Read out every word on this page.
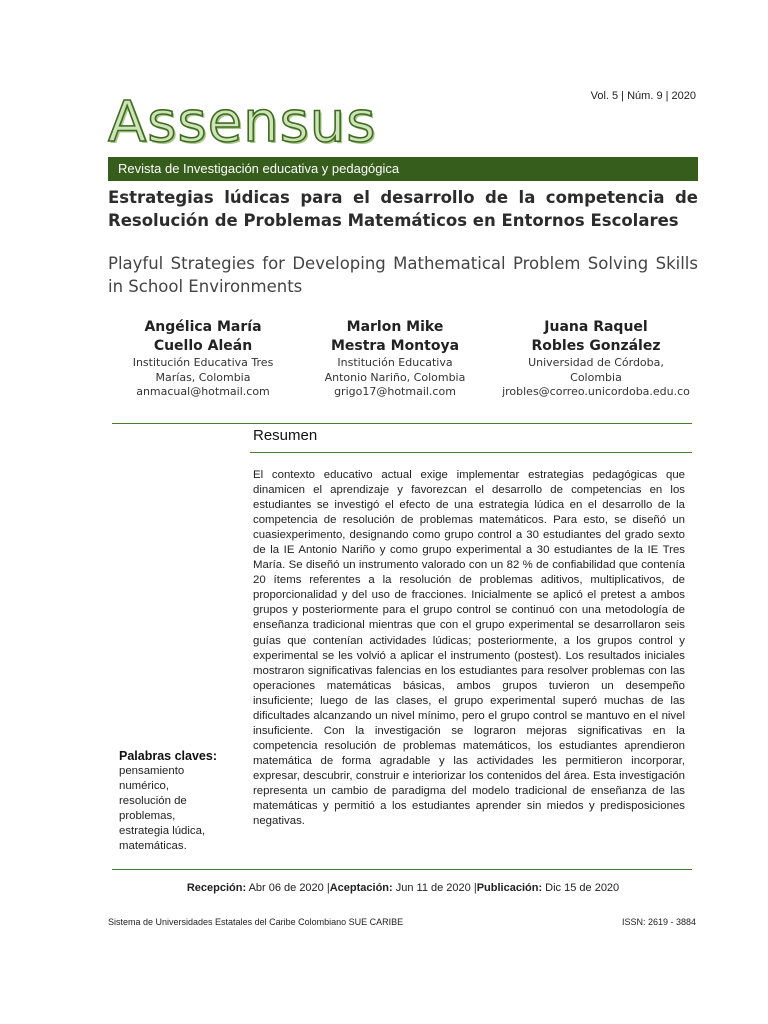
Vol. 5 | Núm. 9 | 2020
Assensus
Revista de Investigación educativa y pedagógica
Estrategias lúdicas para el desarrollo de la competencia de Resolución de Problemas Matemáticos en Entornos Escolares
Playful Strategies for Developing Mathematical Problem Solving Skills in School Environments
Angélica María
Cuello Aleán
Institución Educativa Tres
Marías, Colombia
anmacual@hotmail.com
Marlon Mike
Mestra Montoya
Institución Educativa
Antonio Nariño, Colombia
grigo17@hotmail.com
Juana Raquel
Robles González
Universidad de Córdoba,
Colombia
jrobles@correo.unicordoba.edu.co
Resumen

El contexto educativo actual exige implementar estrategias pedagógicas que dinamicen el aprendizaje y favorezcan el desarrollo de competencias en los estudiantes se investigó el efecto de una estrategia lúdica en el desarrollo de la competencia de resolución de problemas matemáticos. Para esto, se diseñó un cuasiexperimento, designando como grupo control a 30 estudiantes del grado sexto de la IE Antonio Nariño y como grupo experimental a 30 estudiantes de la IE Tres María. Se diseñó un instrumento valorado con un 82 % de confiabilidad que contenía 20 ítems referentes a la resolución de problemas aditivos, multiplicativos, de proporcionalidad y del uso de fracciones. Inicialmente se aplicó el pretest a ambos grupos y posteriormente para el grupo control se continuó con una metodología de enseñanza tradicional mientras que con el grupo experimental se desarrollaron seis guías que contenían actividades lúdicas; posteriormente, a los grupos control y experimental se les volvió a aplicar el instrumento (postest). Los resultados iniciales mostraron significativas falencias en los estudiantes para resolver problemas con las operaciones matemáticas básicas, ambos grupos tuvieron un desempeño insuficiente; luego de las clases, el grupo experimental superó muchas de las dificultades alcanzando un nivel mínimo, pero el grupo control se mantuvo en el nivel insuficiente. Con la investigación se lograron mejoras significativas en la competencia resolución de problemas matemáticos, los estudiantes aprendieron matemática de forma agradable y las actividades les permitieron incorporar, expresar, descubrir, construir e interiorizar los contenidos del área. Esta investigación representa un cambio de paradigma del modelo tradicional de enseñanza de las matemáticas y permitió a los estudiantes aprender sin miedos y predisposiciones negativas.

Palabras claves:
pensamiento
numérico,
resolución de
problemas,
estrategia lúdica,
matemáticas.
Recepción: Abr 06 de 2020 |Aceptación: Jun 11 de 2020 |Publicación: Dic 15 de 2020
Sistema de Universidades Estatales del Caribe Colombiano SUE CARIBE	ISSN: 2619 - 3884
